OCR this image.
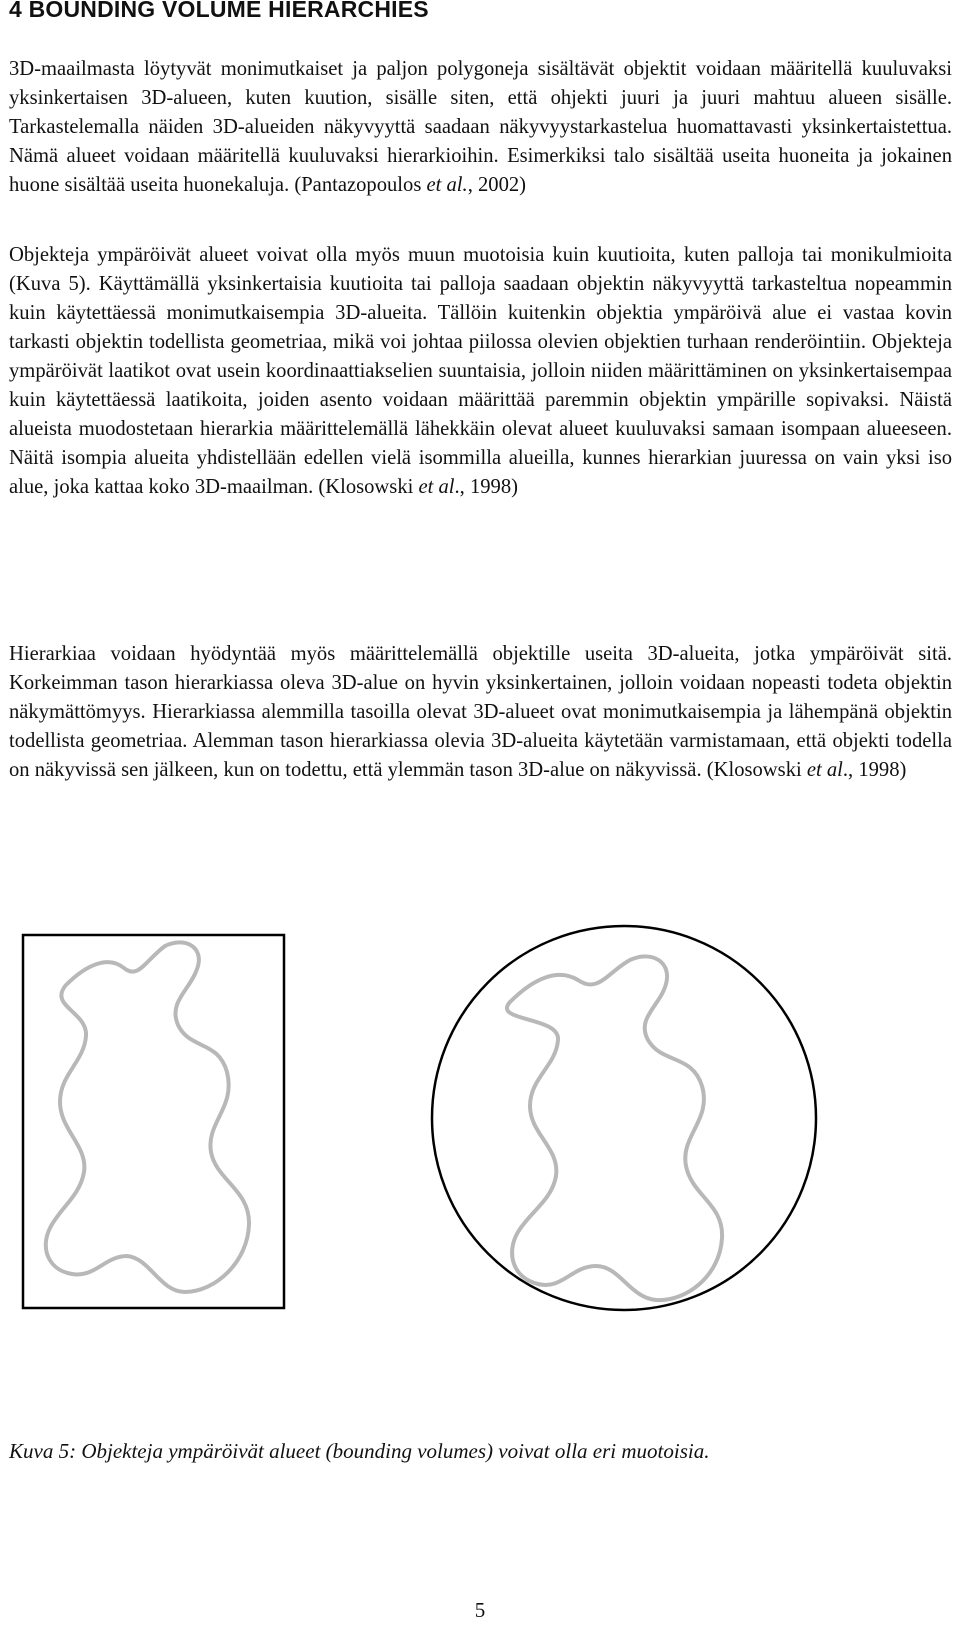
4 BOUNDING VOLUME HIERARCHIES

3D-maailmasta löytyvät monimutkaiset ja paljon polygoneja sisältävät objektit voidaan määritellä kuuluvaksi yksinkertaisen 3D-alueen, kuten kuution, sisälle siten, että ohjekti juuri ja juuri mahtuu alueen sisälle. Tarkastelemalla näiden 3D-alueiden näkyvyyttä saadaan näkyvyystarkastelua huomattavasti yksinkertaistettua. Nämä alueet voidaan määritellä kuuluvaksi hierarkioihin. Esimerkiksi talo sisältää useita huoneita ja jokainen huone sisältää useita huonekaluja. (Pantazopoulos et al., 2002)

Objekteja ympäröivät alueet voivat olla myös muun muotoisia kuin kuutioita, kuten palloja tai monikulmioita (Kuva 5). Käyttämällä yksinkertaisia kuutioita tai palloja saadaan objektin näkyvyyttä tarkasteltua nopeammin kuin käytettäessä monimutkaisempia 3D-alueita. Tällöin kuitenkin objektia ympäröivä alue ei vastaa kovin tarkasti objektin todellista geometriaa, mikä voi johtaa piilossa olevien objektien turhaan renderöintiin. Objekteja ympäröivät laatikot ovat usein koordinaattiakselien suuntaisia, jolloin niiden määrittäminen on yksinkertaisempaa kuin käytettäessä laatikoita, joiden asento voidaan määrittää paremmin objektin ympärille sopivaksi. Näistä alueista muodostetaan hierarkia määrittelemällä lähekkäin olevat alueet kuuluvaksi samaan isompaan alueeseen. Näitä isompia alueita yhdistellään edellen vielä isommilla alueilla, kunnes hierarkian juuressa on vain yksi iso alue, joka kattaa koko 3D-maailman. (Klosowski et al., 1998)

Hierarkiaa voidaan hyödyntää myös määrittelemällä objektille useita 3D-alueita, jotka ympäröivät sitä. Korkeimman tason hierarkiassa oleva 3D-alue on hyvin yksinkertainen, jolloin voidaan nopeasti todeta objektin näkymättömyys. Hierarkiassa alemmilla tasoilla olevat 3D-alueet ovat monimutkaisempia ja lähempänä objektin todellista geometriaa. Alemman tason hierarkiassa olevia 3D-alueita käytetään varmistamaan, että objekti todella on näkyvissä sen jälkeen, kun on todettu, että ylemmän tason 3D-alue on näkyvissä. (Klosowski et al., 1998)

Kuva 5: Objekteja ympäröivät alueet (bounding volumes) voivat olla eri muotoisia.

5
